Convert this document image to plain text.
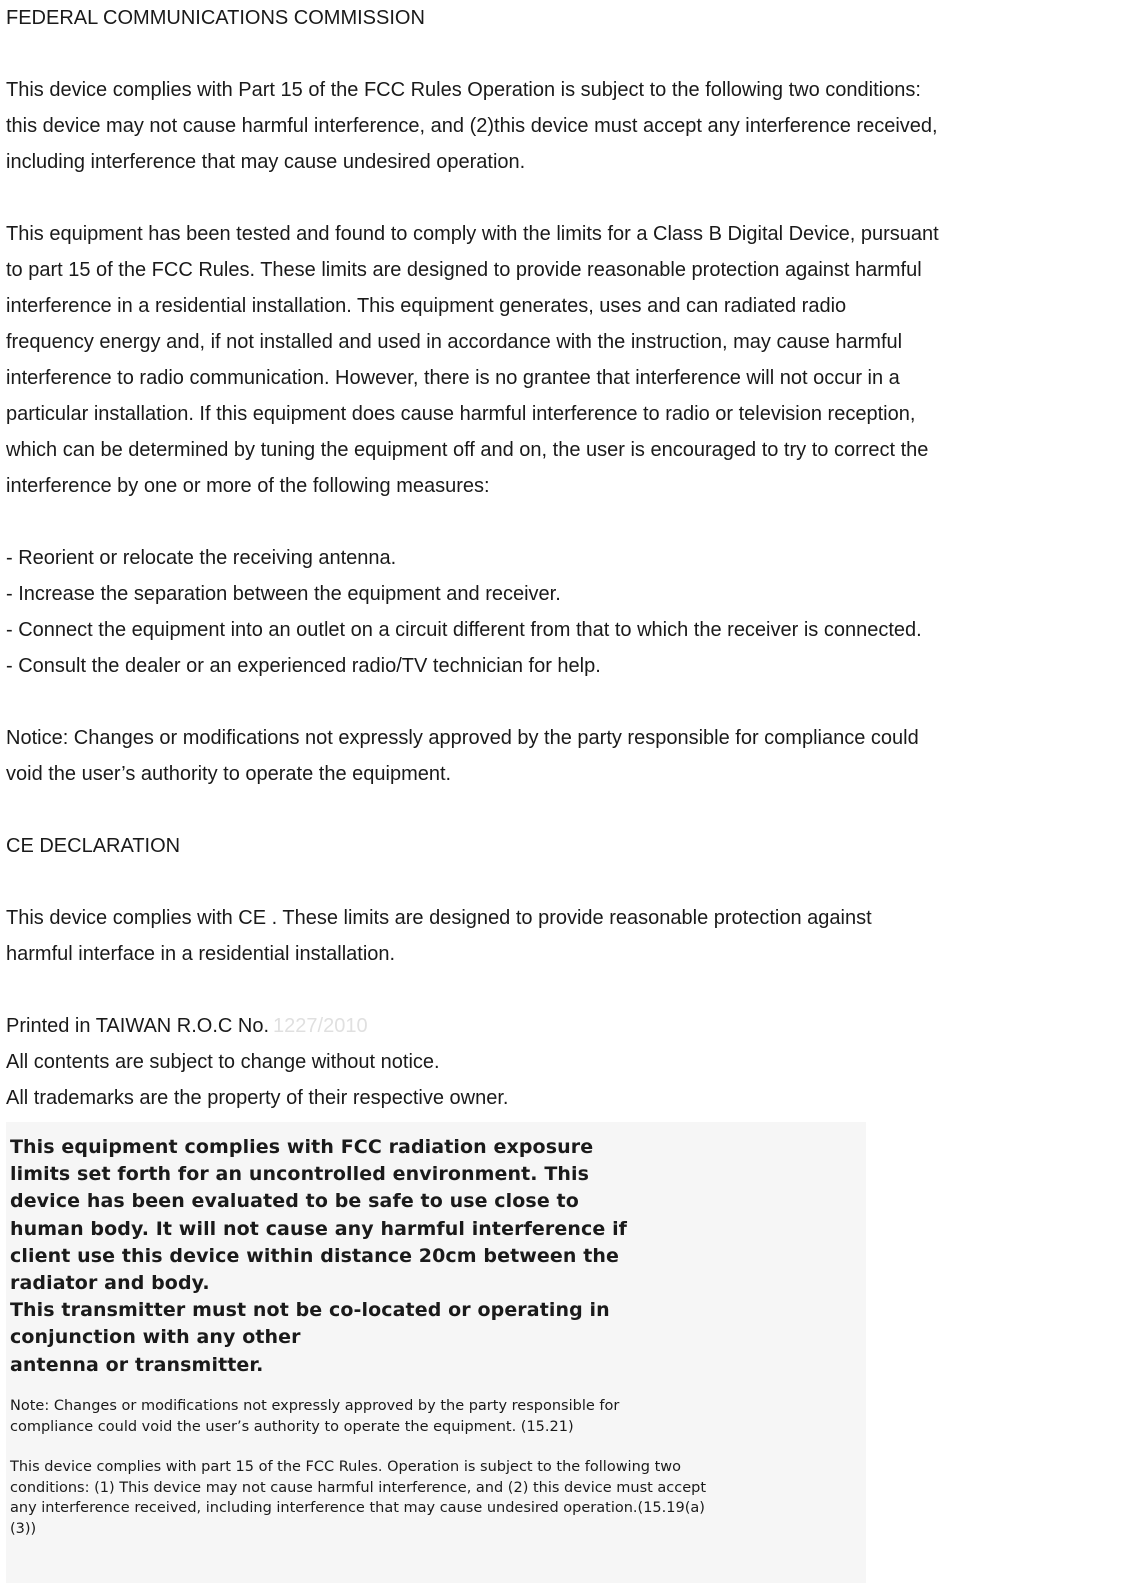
FEDERAL COMMUNICATIONS COMMISSION

This device complies with Part 15 of the FCC Rules Operation is subject to the following two conditions:

this device may not cause harmful interference, and (2)this device must accept any interference received,

including interference that may cause undesired operation.

This equipment has been tested and found to comply with the limits for a Class B Digital Device, pursuant

to part 15 of the FCC Rules. These limits are designed to provide reasonable protection against harmful

interference in a residential installation. This equipment generates, uses and can radiated radio

frequency energy and, if not installed and used in accordance with the instruction, may cause harmful

interference to radio communication. However, there is no grantee that interference will not occur in a

particular installation. If this equipment does cause harmful interference to radio or television reception,

which can be determined by tuning the equipment off and on, the user is encouraged to try to correct the

interference by one or more of the following measures:

- Reorient or relocate the receiving antenna.

- Increase the separation between the equipment and receiver.

- Connect the equipment into an outlet on a circuit different from that to which the receiver is connected.

- Consult the dealer or an experienced radio/TV technician for help.

Notice: Changes or modifications not expressly approved by the party responsible for compliance could

void the user’s authority to operate the equipment.

CE DECLARATION

This device complies with CE . These limits are designed to provide reasonable protection against

harmful interface in a residential installation.

Printed in TAIWAN R.O.C No. 1227/2010

All contents are subject to change without notice.

All trademarks are the property of their respective owner.

This equipment complies with FCC radiation exposure

limits set forth for an uncontrolled environment. This

device has been evaluated to be safe to use close to

human body. It will not cause any harmful interference if

client use this device within distance 20cm between the

radiator and body.

This transmitter must not be co-located or operating in

conjunction with any other

antenna or transmitter.

Note: Changes or modifications not expressly approved by the party responsible for

compliance could void the user’s authority to operate the equipment. (15.21)

This device complies with part 15 of the FCC Rules. Operation is subject to the following two

conditions: (1) This device may not cause harmful interference, and (2) this device must accept

any interference received, including interference that may cause undesired operation.(15.19(a)

(3))
